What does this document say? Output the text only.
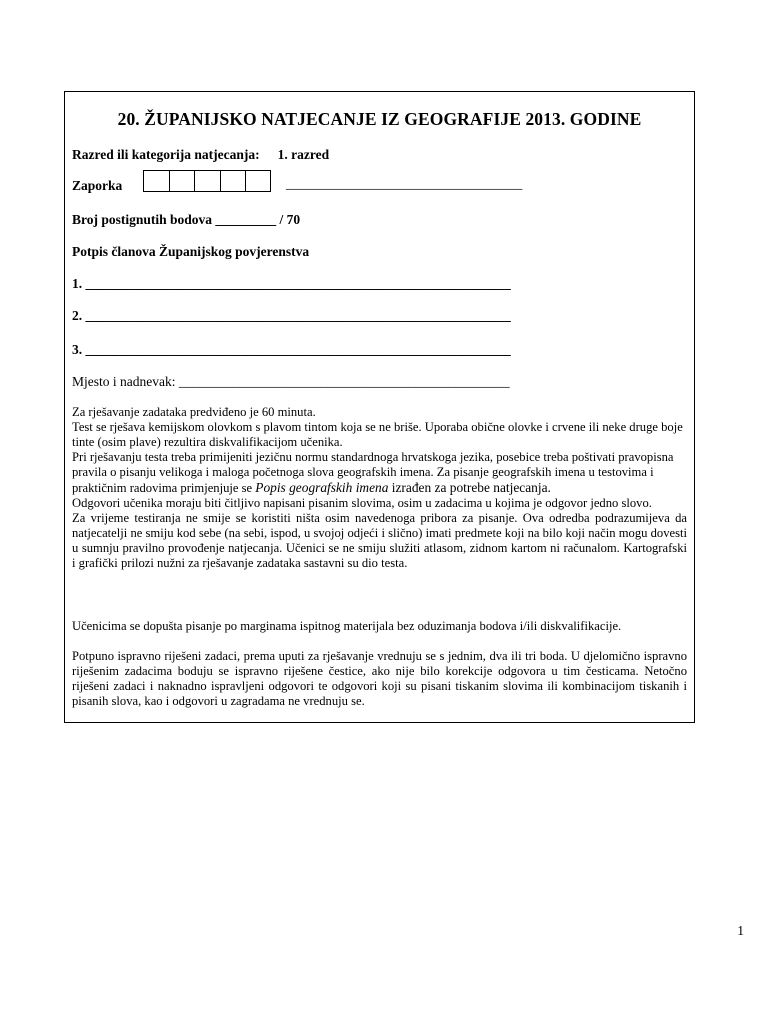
20. ŽUPANIJSKO NATJECANJE IZ GEOGRAFIJE 2013. GODINE
Razred ili kategorija natjecanja: 1. razred
Zaporka	___________________________________
Broj postignutih bodova _________ / 70
Potpis članova Županijskog povjerenstva
1. _______________________________________________________________
2. _______________________________________________________________
3. _______________________________________________________________
Mjesto i nadnevak: _________________________________________________

Za rješavanje zadataka predviđeno je 60 minuta.

Test se rješava kemijskom olovkom s plavom tintom koja se ne briše. Uporaba obične olovke i crvene ili neke druge boje tinte (osim plave) rezultira diskvalifikacijom učenika.

Pri rješavanju testa treba primijeniti jezičnu normu standardnoga hrvatskoga jezika, posebice treba poštivati pravopisna pravila o pisanju velikoga i maloga početnoga slova geografskih imena. Za pisanje geografskih imena u testovima i praktičnim radovima primjenjuje se Popis geografskih imena izrađen za potrebe natjecanja.

Odgovori učenika moraju biti čitljivo napisani pisanim slovima, osim u zadacima u kojima je odgovor jedno slovo.

Za vrijeme testiranja ne smije se koristiti ništa osim navedenoga pribora za pisanje. Ova odredba podrazumijeva da natjecatelji ne smiju kod sebe (na sebi, ispod, u svojoj odjeći i slično) imati predmete koji na bilo koji način mogu dovesti u sumnju pravilno provođenje natjecanja. Učenici se ne smiju služiti atlasom, zidnom kartom ni računalom. Kartografski i grafički prilozi nužni za rješavanje zadataka sastavni su dio testa.

Učenicima se dopušta pisanje po marginama ispitnog materijala bez oduzimanja bodova i/ili diskvalifikacije.

Potpuno ispravno riješeni zadaci, prema uputi za rješavanje vrednuju se s jednim, dva ili tri boda. U djelomično ispravno riješenim zadacima boduju se ispravno riješene čestice, ako nije bilo korekcije odgovora u tim česticama. Netočno riješeni zadaci i naknadno ispravljeni odgovori te odgovori koji su pisani tiskanim slovima ili kombinacijom tiskanih i pisanih slova, kao i odgovori u zagradama ne vrednuju se.

1
